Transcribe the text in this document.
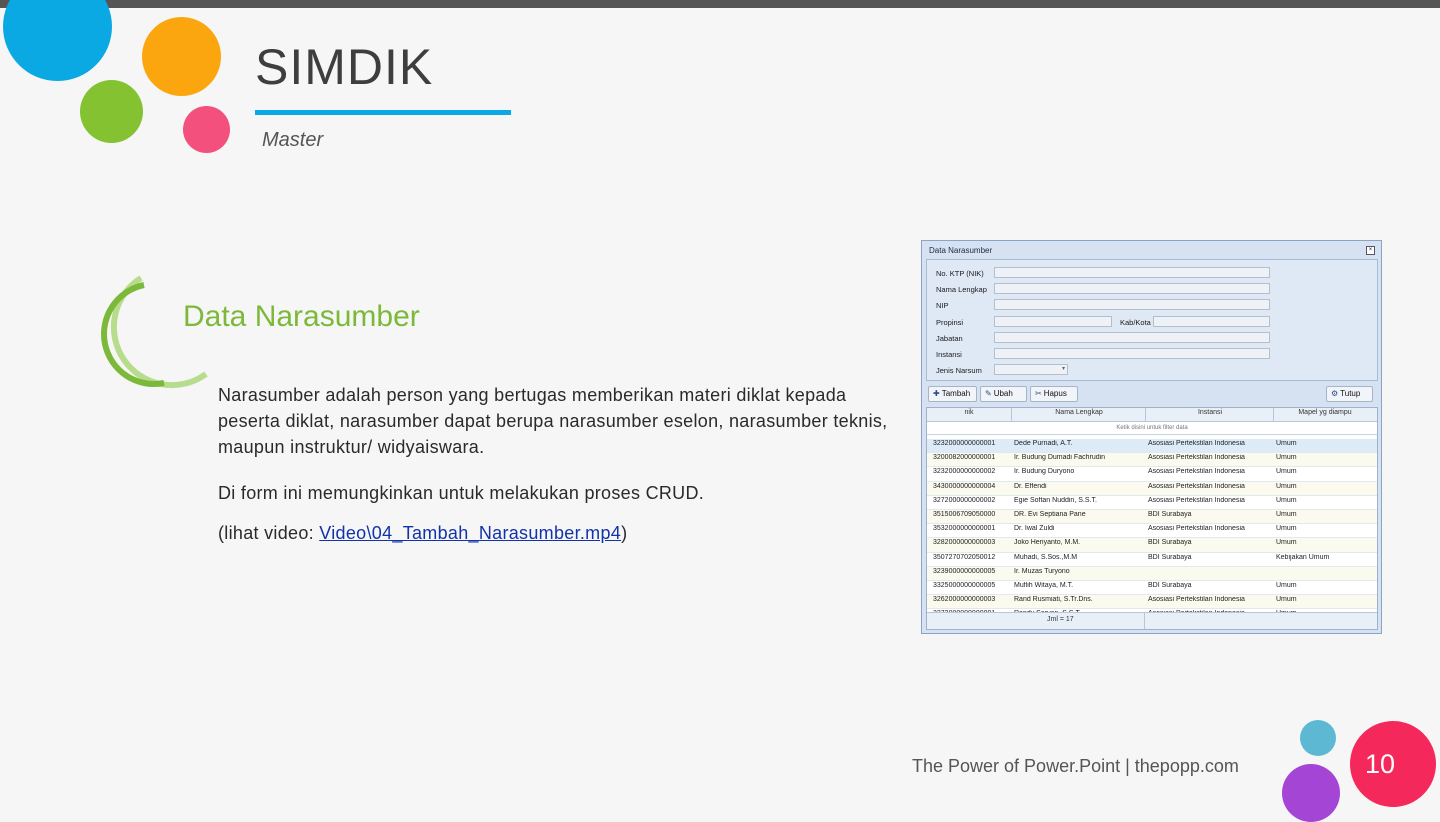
SIMDIK
Master
Data Narasumber
Narasumber adalah person yang bertugas memberikan materi diklat kepada peserta diklat, narasumber dapat berupa narasumber eselon, narasumber teknis, maupun instruktur/ widyaiswara.
Di form ini memungkinkan untuk melakukan proses CRUD.
(lihat video: Video\04_Tambah_Narasumber.mp4)
Data Narasumber	×
No. KTP (NIK)
Nama Lengkap
NIP
Propinsi	Kab/Kota
Jabatan
Instansi
Jenis Narsum	▾
✚ Tambah	✎ Ubah	✂ Hapus	⚙ Tutup
nik	Nama Lengkap	Instansi	Mapel yg diampu
Ketik disini untuk filter data
3232000000000001	Dede Purnadi, A.T.	Asosiasi Pertekstilan Indonesia	Umum
3200082000000001	Ir. Budung Dumadi Fachrudin	Asosiasi Pertekstilan Indonesia	Umum
3232000000000002	Ir. Budung Duryono	Asosiasi Pertekstilan Indonesia	Umum
3430000000000004	Dr. Effendi	Asosiasi Pertekstilan Indonesia	Umum
3272000000000002	Egie Softan Nuddin, S.S.T.	Asosiasi Pertekstilan Indonesia	Umum
3515006709050000	DR. Evi Septiana Pane	BDI Surabaya	Umum
3532000000000001	Dr. Iwal Zuldi	Asosiasi Pertekstilan Indonesia	Umum
3282000000000003	Joko Heriyanto, M.M.	BDI Surabaya	Umum
3507270702050012	Muhadi, S.Sos.,M.M	BDI Surabaya	Kebijakan Umum
3239000000000005	Ir. Muzas Turyono
3325000000000005	Muflih Witaya, M.T.	BDI Surabaya	Umum
3262000000000003	Rand Rusmiati, S.Tr.Dns.	Asosiasi Pertekstilan Indonesia	Umum
Jml = 17
The Power of Power.Point | thepopp.com	10
